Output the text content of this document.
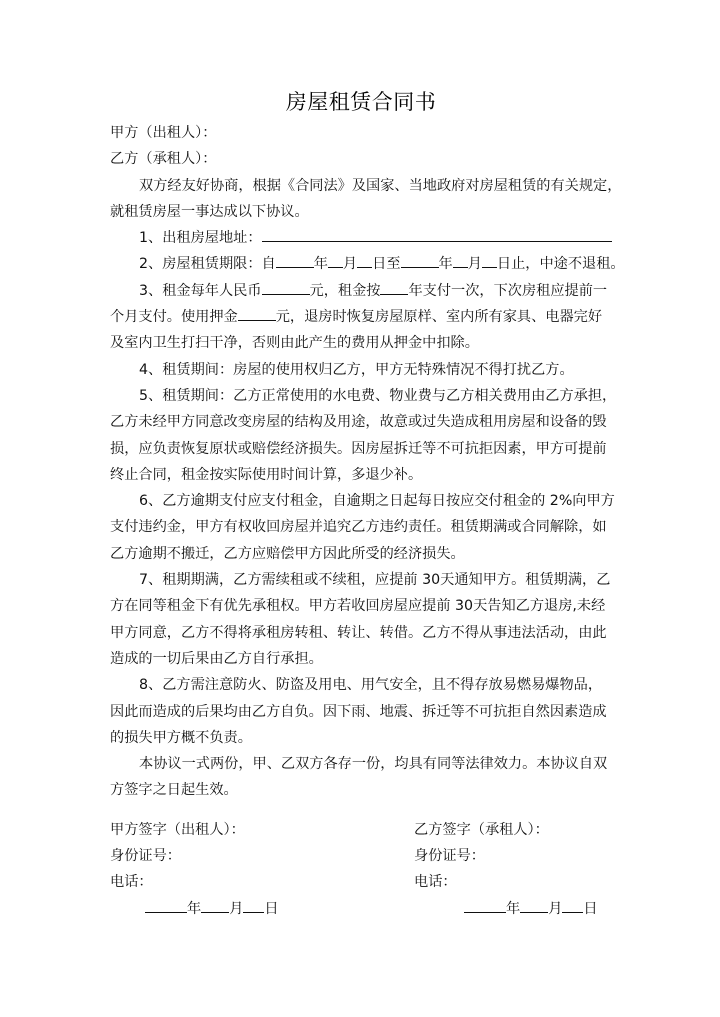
房屋租赁合同书
甲方（出租人）：
乙方（承租人）：
双方经友好协商，根据《合同法》及国家、当地政府对房屋租赁的有关规定，
就租赁房屋一事达成以下协议。
1、出租房屋地址：
2、房屋租赁期限：自	年 月 日至	年 月 日止，中途不退租。
3、租金每年人民币	元，租金按 年支付一次，下次房租应提前一
个月支付。使用押金	元，退房时恢复房屋原样、室内所有家具、电器完好
及室内卫生打扫干净，否则由此产生的费用从押金中扣除。
4、租赁期间：房屋的使用权归乙方，甲方无特殊情况不得打扰乙方。
5、租赁期间：乙方正常使用的水电费、物业费与乙方相关费用由乙方承担，
乙方未经甲方同意改变房屋的结构及用途，故意或过失造成租用房屋和设备的毁
损，应负责恢复原状或赔偿经济损失。因房屋拆迁等不可抗拒因素，甲方可提前
终止合同，租金按实际使用时间计算，多退少补。
6、乙方逾期支付应支付租金，自逾期之日起每日按应交付租金的 2%向甲方
支付违约金，甲方有权收回房屋并追究乙方违约责任。租赁期满或合同解除，如
乙方逾期不搬迁，乙方应赔偿甲方因此所受的经济损失。
7、租期期满，乙方需续租或不续租，应提前 30天通知甲方。租赁期满，乙
方在同等租金下有优先承租权。甲方若收回房屋应提前 30天告知乙方退房,未经
甲方同意，乙方不得将承租房转租、转让、转借。乙方不得从事违法活动，由此
造成的一切后果由乙方自行承担。
8、乙方需注意防火、防盗及用电、用气安全，且不得存放易燃易爆物品，
因此而造成的后果均由乙方自负。因下雨、地震、拆迁等不可抗拒自然因素造成
的损失甲方概不负责。
本协议一式两份，甲、乙双方各存一份，均具有同等法律效力。本协议自双
方签字之日起生效。
甲方签字（出租人）：
身份证号：
电话：
年 月 日
乙方签字（承租人）：
身份证号：
电话：
年 月 日
